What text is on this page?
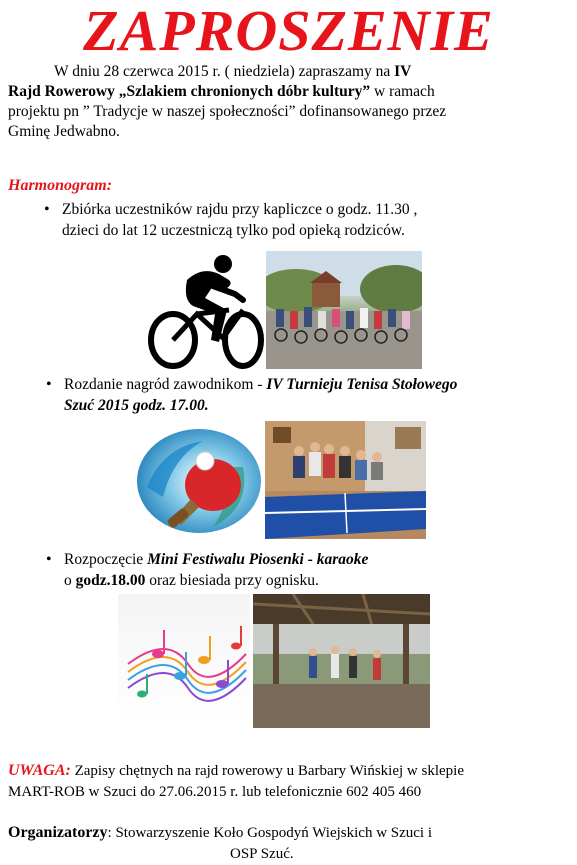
ZAPROSZENIE
W dniu 28 czerwca 2015 r. ( niedziela) zapraszamy na IV
Rajd Rowerowy „Szlakiem chronionych dóbr kultury” w ramach
projektu pn ” Tradycje w naszej społeczności” dofinansowanego przez
Gminę Jedwabno.
Harmonogram:
• Zbiórka uczestników rajdu przy kapliczce o godz. 11.30 ,
dzieci do lat 12 uczestniczą tylko pod opieką rodziców.
• Rozdanie nagród zawodnikom - IV Turnieju Tenisa Stołowego
Szuć 2015 godz. 17.00.
• Rozpoczęcie Mini Festiwalu Piosenki - karaoke
o godz.18.00 oraz biesiada przy ognisku.
UWAGA: Zapisy chętnych na rajd rowerowy u Barbary Wińskiej w sklepie
MART-ROB w Szuci do 27.06.2015 r. lub telefonicznie 602 405 460
Organizatorzy: Stowarzyszenie Koło Gospodyń Wiejskich w Szuci i
OSP Szuć.
